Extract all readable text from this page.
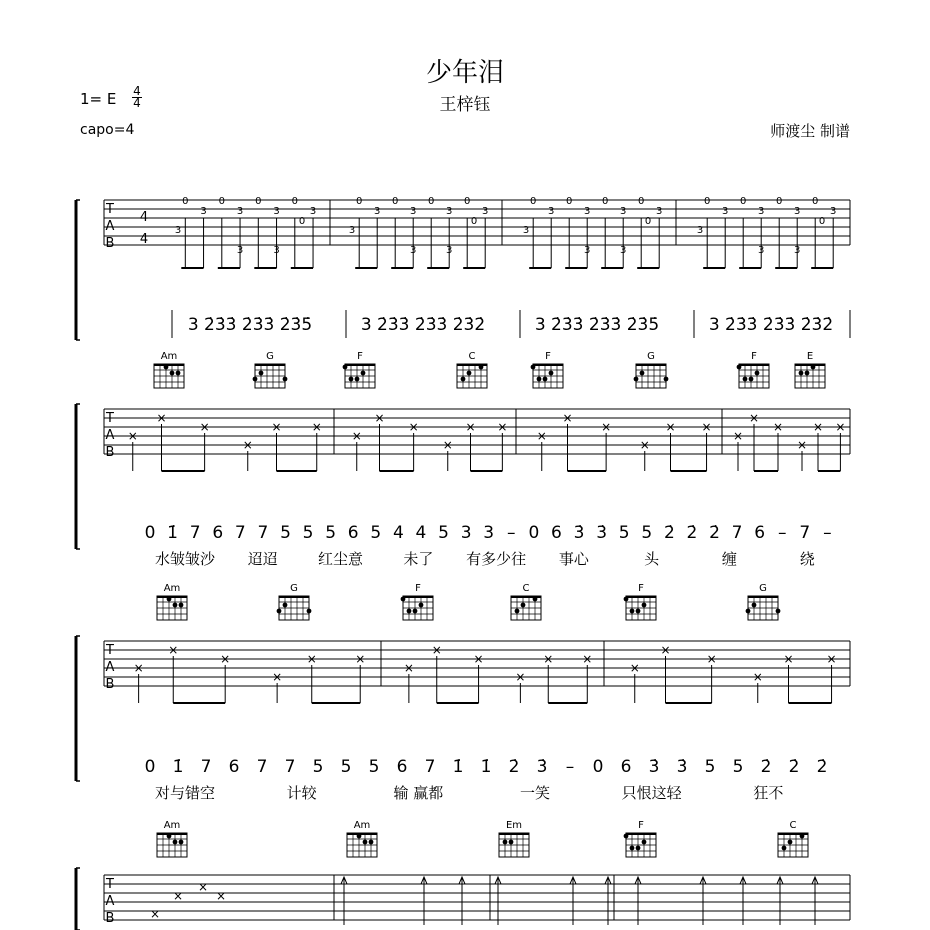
少年泪
王梓钰
1= E 4
4
capo=4	师渡尘 制谱
T
A
B
4
4
0
3
0
3
0
3
0
3
3
3	3
0
3 2̇3̇3̇ 2̇3̇3̇ 2̇3̇5̇
0
3
0
3
0
3
0
3
3
3	3
0
3 2̇3̇3̇ 2̇3̇3̇ 2̇3̇2̇
0
3
0
3
0
3
0
3
3
3	3
0
3 2̇3̇3̇ 2̇3̇3̇ 2̇3̇5̇
0
3
0
3
0
3
0
3
3
3	3
0
3 2̇3̇3̇ 2̇3̇3̇ 2̇3̇2̇
T
A
B
Am	G	F	C	F	G	F	E
×
×
×
×
×	×
×
×
×
×
× ×
×
×
×
×
× ×
×
×
×
×
× ×
0 1̇ 7 6 7 7 5 5 5 6 5 4 4 5 3 3 – 0 6 3̇ 3̇ 5 5 2̇ 2̇ 2̇ 7 6 – 7 –
水皱皱沙 迢迢	红尘意	未了 有多少往 事心	头	缠	绕
T
A
B
Am	G	F	C	F	G
×
×
×
×
×	×
×
×
×
×
× ×
×
×
×
×
×	×
0 1̇ 7 6 7 7 5 5 5 6 7 1̇ 1̇ 2̇ 3̇ – 0 6 3̇ 3̇ 5 5 2̇ 2̇ 2̇
对与错空	计较	输 赢都	一笑	只恨这轻	狂不
T
A
B
Am	Am	Em	F	C
×
×
×
×
